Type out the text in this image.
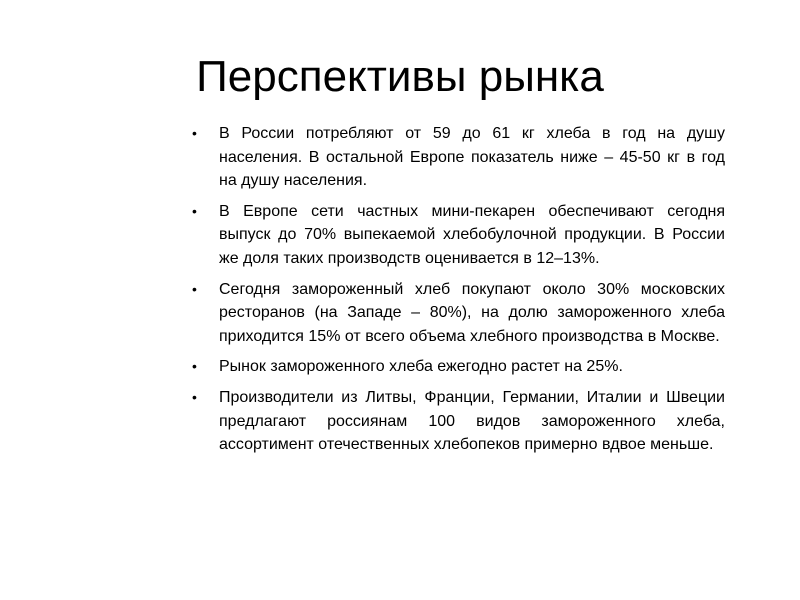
Перспективы рынка
• В России потребляют от 59 до 61 кг хлеба в год на душу населения. В остальной Европе показатель ниже – 45-50 кг в год на душу населения.
• В Европе сети частных мини-пекарен обеспечивают сегодня выпуск до 70% выпекаемой хлебобулочной продукции. В России же доля таких производств оценивается в 12–13%.
• Сегодня замороженный хлеб покупают около 30% московских ресторанов (на Западе – 80%), на долю замороженного хлеба приходится 15% от всего объема хлебного производства в Москве.
• Рынок замороженного хлеба ежегодно растет на 25%.
• Производители из Литвы, Франции, Германии, Италии и Швеции предлагают россиянам 100 видов замороженного хлеба, ассортимент отечественных хлебопеков примерно вдвое меньше.
